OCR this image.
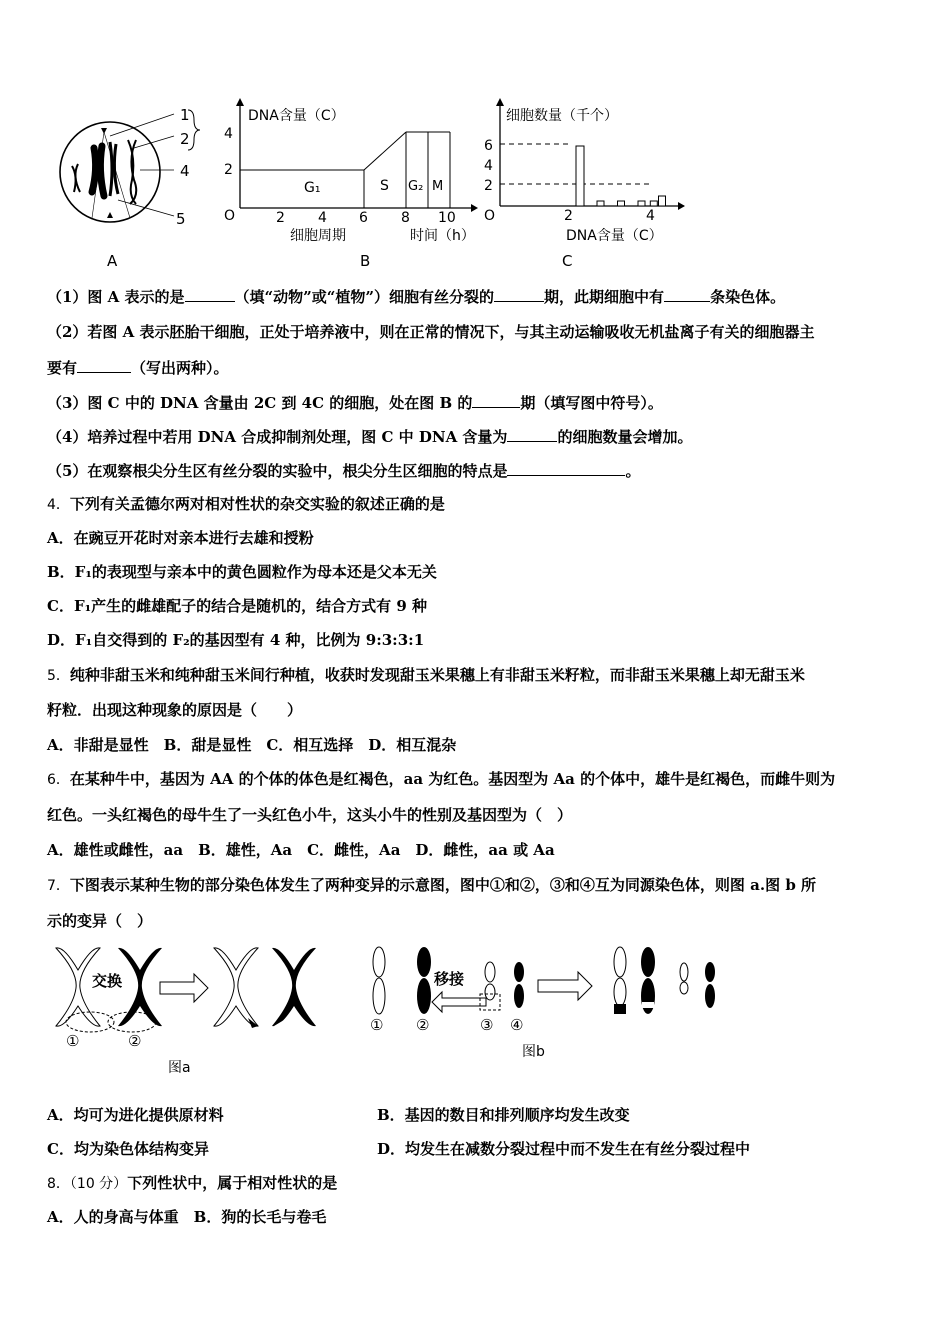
1
2
4
5
A
DNA含量（C）
4
2
G₁	S G₂ M
O	2 4 6 8 10
细胞周期	时间（h）
B
细胞数量（千个）
6
4
2
O	2	4
DNA含量（C）
C
（1）图 A 表示的是	（填“动物”或“植物”）细胞有丝分裂的	期，此期细胞中有	条染色体。
（2）若图 A 表示胚胎干细胞，正处于培养液中，则在正常的情况下，与其主动运输吸收无机盐离子有关的细胞器主
要有	（写出两种）。
（3）图 C 中的 DNA 含量由 2C 到 4C 的细胞，处在图 B 的	期（填写图中符号）。
（4）培养过程中若用 DNA 合成抑制剂处理，图 C 中 DNA 含量为	的细胞数量会增加。
（5）在观察根尖分生区有丝分裂的实验中，根尖分生区细胞的特点是	。
4．下列有关孟德尔两对相对性状的杂交实验的叙述正确的是
A．在豌豆开花时对亲本进行去雄和授粉
B．F₁的表现型与亲本中的黄色圆粒作为母本还是父本无关
C．F₁产生的雌雄配子的结合是随机的，结合方式有 9 种
D．F₁自交得到的 F₂的基因型有 4 种，比例为 9:3:3:1
5．纯种非甜玉米和纯种甜玉米间行种植，收获时发现甜玉米果穗上有非甜玉米籽粒，而非甜玉米果穗上却无甜玉米
籽粒．出现这种现象的原因是（　　）
A．非甜是显性　B．甜是显性　C．相互选择　D．相互混杂
6．在某种牛中，基因为 AA 的个体的体色是红褐色，aa 为红色。基因型为 Aa 的个体中，雄牛是红褐色，而雌牛则为
红色。一头红褐色的母牛生了一头红色小牛，这头小牛的性别及基因型为（　）
A．雄性或雌性，aa　B．雄性，Aa　C．雌性，Aa　D．雌性，aa 或 Aa
7．下图表示某种生物的部分染色体发生了两种变异的示意图，图中①和②，③和④互为同源染色体，则图 a.图 b 所
示的变异（　）
交换
①	②
图a
移接
① ②	③ ④
图b
A．均可为进化提供原材料	B．基因的数目和排列顺序均发生改变
C．均为染色体结构变异	D．均发生在减数分裂过程中而不发生在有丝分裂过程中
8．（10 分）下列性状中，属于相对性状的是
A．人的身高与体重　B．狗的长毛与卷毛
